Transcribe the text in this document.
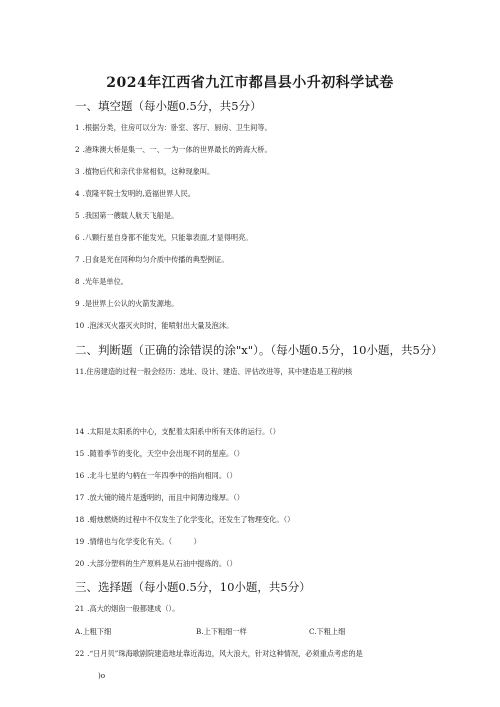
2024年江西省九江市都昌县小升初科学试卷
一、填空题（每小题0.5分，共5分）
1 .根据分类，住房可以分为：卧室、客厅、厨房、卫生间等。
2 .港珠澳大桥是集一、一、一为一体的世界最长的跨海大桥。
3 .植物后代和亲代非常相似，这种现象叫。
4 .袁隆平院士发明的,造福世界人民。
5 .我国第一艘载人航天飞船是。
6 .八颗行星自身都不能发光，只能靠表面,才显得明亮。
7 .日食是光在同种均匀介质中传播的典型例证。
8 .光年是单位。
9 .是世界上公认的火箭发源地。
10 .泡沫灭火器灭火时时，能喷射出大量及泡沫。
二、判断题（正确的涂错误的涂"x"）。（每小题0.5分，10小题，共5分）
11.住房建造的过程一般会经历：选址、设计、建造、评估改进等，其中建造是工程的核
14 .太阳是太阳系的中心，支配着太阳系中所有天体的运行。（）
15 .随着季节的变化，天空中会出现不同的星座。（）
16 .北斗七星的勺柄在一年四季中的指向相同。（）
17 .放大镜的镜片是透明的，而且中间薄边缘厚。（）
18 .蜡烛燃烧的过程中不仅发生了化学变化，还发生了物理变化。（）
19 .情绪也与化学变化有关。（　　　）
20 .大部分塑料的生产原料是从石油中提炼的。（）
三、选择题（每小题0.5分，10小题，共5分）
21 .高大的烟囱一般都建成（）。
A.上粗下细	B.上下粗细一样	C.下粗上细
22 .“日月贝”珠海歌剧院建造地址靠近海边，风大浪大，针对这种情况，必须重点考虑的是
)o
